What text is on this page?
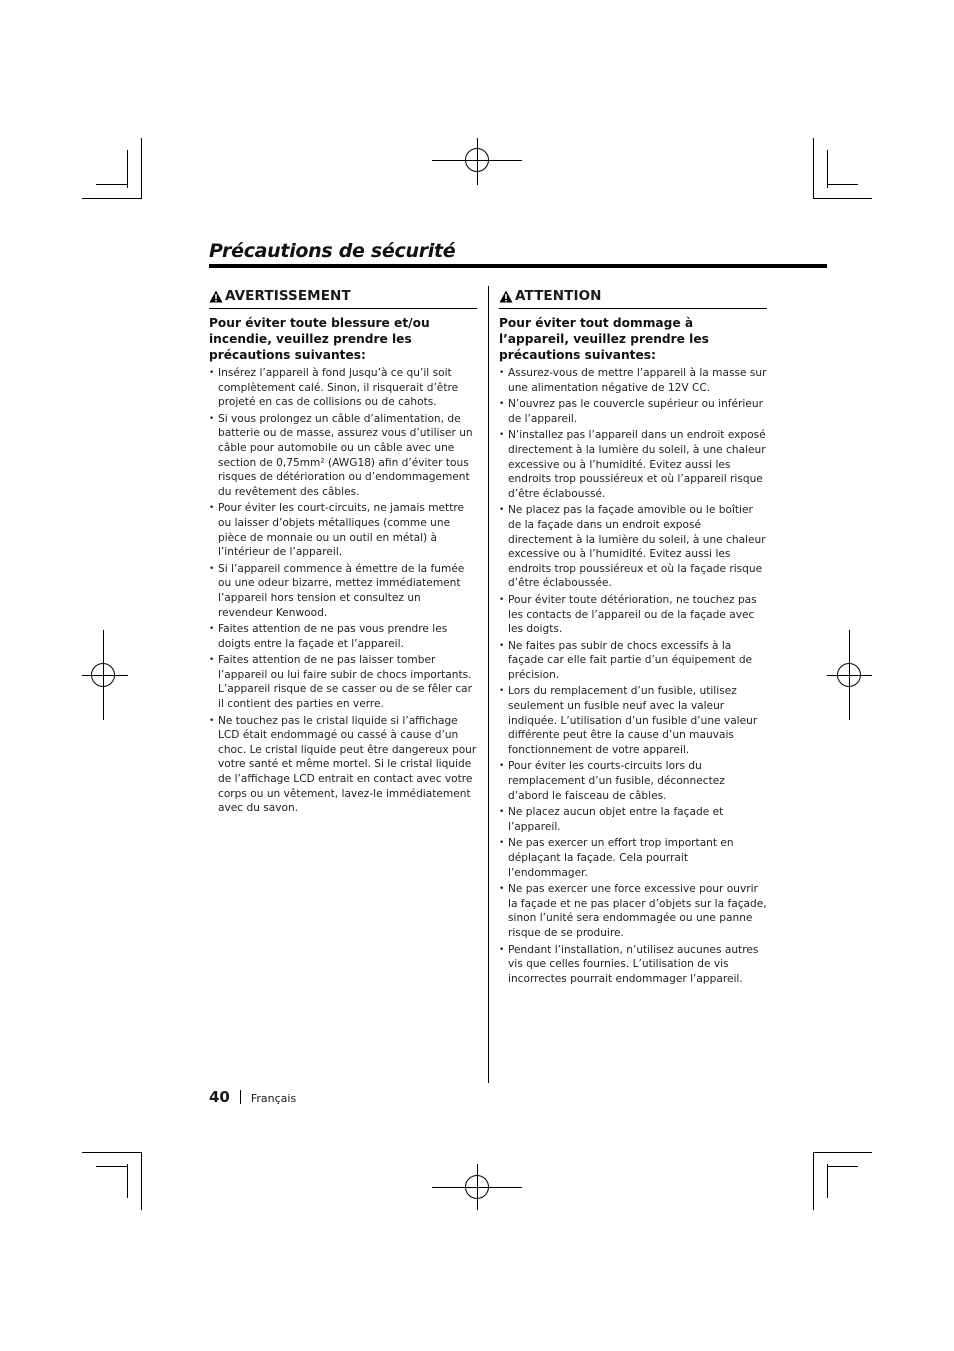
Précautions de sécurité
AVERTISSEMENT

Pour éviter toute blessure et/ou incendie, veuillez prendre les précautions suivantes:

• Insérez l’appareil à fond jusqu’à ce qu’il soit complètement calé. Sinon, il risquerait d’être projeté en cas de collisions ou de cahots.
• Si vous prolongez un câble d’alimentation, de batterie ou de masse, assurez vous d’utiliser un câble pour automobile ou un câble avec une section de 0,75mm² (AWG18) afin d’éviter tous risques de détérioration ou d’endommagement du revêtement des câbles.
• Pour éviter les court-circuits, ne jamais mettre ou laisser d’objets métalliques (comme une pièce de monnaie ou un outil en métal) à l’intérieur de l’appareil.
• Si l’appareil commence à émettre de la fumée ou une odeur bizarre, mettez immédiatement l’appareil hors tension et consultez un revendeur Kenwood.
• Faites attention de ne pas vous prendre les doigts entre la façade et l’appareil.
• Faites attention de ne pas laisser tomber l’appareil ou lui faire subir de chocs importants. L’appareil risque de se casser ou de se fêler car il contient des parties en verre.
• Ne touchez pas le cristal liquide si l’affichage LCD était endommagé ou cassé à cause d’un choc. Le cristal liquide peut être dangereux pour votre santé et même mortel. Si le cristal liquide de l’affichage LCD entrait en contact avec votre corps ou un vêtement, lavez-le immédiatement avec du savon.
ATTENTION

Pour éviter tout dommage à l’appareil, veuillez prendre les précautions suivantes:

• Assurez-vous de mettre l’appareil à la masse sur une alimentation négative de 12V CC.
• N’ouvrez pas le couvercle supérieur ou inférieur de l’appareil.
• N’installez pas l’appareil dans un endroit exposé directement à la lumière du soleil, à une chaleur excessive ou à l’humidité. Evitez aussi les endroits trop poussiéreux et où l’appareil risque d’être éclaboussé.
• Ne placez pas la façade amovible ou le boîtier de la façade dans un endroit exposé directement à la lumière du soleil, à une chaleur excessive ou à l’humidité. Evitez aussi les endroits trop poussiéreux et où la façade risque d’être éclaboussée.
• Pour éviter toute détérioration, ne touchez pas les contacts de l’appareil ou de la façade avec les doigts.
• Ne faites pas subir de chocs excessifs à la façade car elle fait partie d’un équipement de précision.
• Lors du remplacement d’un fusible, utilisez seulement un fusible neuf avec la valeur indiquée. L’utilisation d’un fusible d’une valeur différente peut être la cause d’un mauvais fonctionnement de votre appareil.
• Pour éviter les courts-circuits lors du remplacement d’un fusible, déconnectez d’abord le faisceau de câbles.
• Ne placez aucun objet entre la façade et l’appareil.
• Ne pas exercer un effort trop important en déplaçant la façade. Cela pourrait l’endommager.
• Ne pas exercer une force excessive pour ouvrir la façade et ne pas placer d’objets sur la façade, sinon l’unité sera endommagée ou une panne risque de se produire.
• Pendant l’installation, n’utilisez aucunes autres vis que celles fournies. L’utilisation de vis incorrectes pourrait endommager l’appareil.
40 Français
